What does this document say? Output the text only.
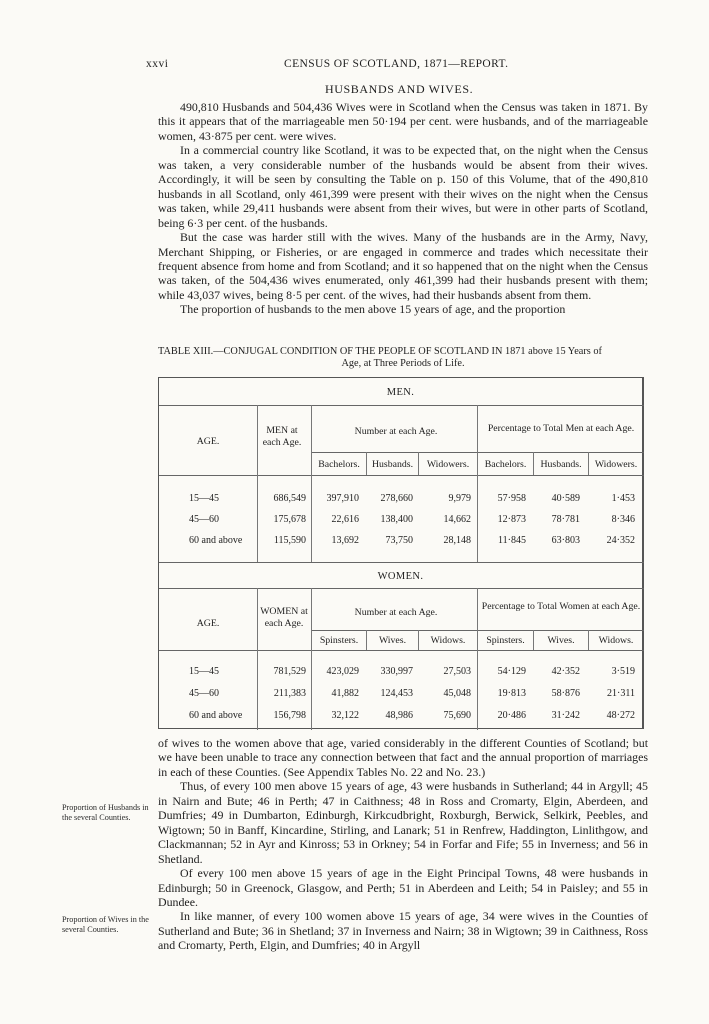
xxvi	CENSUS OF SCOTLAND, 1871—REPORT.
HUSBANDS AND WIVES.

490,810 Husbands and 504,436 Wives were in Scotland when the Census was taken in 1871. By this it appears that of the marriageable men 50·194 per cent. were husbands, and of the marriageable women, 43·875 per cent. were wives.

In a commercial country like Scotland, it was to be expected that, on the night when the Census was taken, a very considerable number of the husbands would be absent from their wives. Accordingly, it will be seen by consulting the Table on p. 150 of this Volume, that of the 490,810 husbands in all Scotland, only 461,399 were present with their wives on the night when the Census was taken, while 29,411 husbands were absent from their wives, but were in other parts of Scotland, being 6·3 per cent. of the husbands.

But the case was harder still with the wives. Many of the husbands are in the Army, Navy, Merchant Shipping, or Fisheries, or are engaged in commerce and trades which necessitate their frequent absence from home and from Scotland; and it so happened that on the night when the Census was taken, of the 504,436 wives enumerated, only 461,399 had their husbands present with them; while 43,037 wives, being 8·5 per cent. of the wives, had their husbands absent from them.

The proportion of husbands to the men above 15 years of age, and the proportion

TABLE XIII.—CONJUGAL CONDITION OF THE PEOPLE OF SCOTLAND IN 1871 above 15 Years of
Age, at Three Periods of Life.
MEN.
AGE.
MEN at each Age.
Number at each Age.	Percentage to Total Men at each Age.
Bachelors.	Husbands.	Widowers.	Bachelors.	Husbands.	Widowers.
15—45	686,549	397,910	278,660	9,979	57·958	40·589	1·453
45—60	175,678	22,616	138,400	14,662	12·873	78·781	8·346
60 and above	115,590	13,692	73,750	28,148	11·845	63·803	24·352
WOMEN.
AGE.
WOMEN at each Age.
Number at each Age.
Percentage to Total Women at each Age.
Spinsters.	Wives.	Widows.	Spinsters.	Wives.	Widows.
15—45	781,529	423,029	330,997	27,503	54·129	42·352	3·519
45—60	211,383	41,882	124,453	45,048	19·813	58·876	21·311
60 and above	156,798	32,122	48,986	75,690	20·486	31·242	48·272

of wives to the women above that age, varied considerably in the different Counties of Scotland; but we have been unable to trace any connection between that fact and the annual proportion of marriages in each of these Counties. (See Appendix Tables No. 22 and No. 23.)

Thus, of every 100 men above 15 years of age, 43 were husbands in Sutherland; 44 in Argyll; 45 in Nairn and Bute; 46 in Perth; 47 in Caithness; 48 in Ross and Cromarty, Elgin, Aberdeen, and Dumfries; 49 in Dumbarton, Edinburgh, Kirkcudbright, Roxburgh, Berwick, Selkirk, Peebles, and Wigtown; 50 in Banff, Kincardine, Stirling, and Lanark; 51 in Renfrew, Haddington, Linlithgow, and Clackmannan; 52 in Ayr and Kinross; 53 in Orkney; 54 in Forfar and Fife; 55 in Inverness; and 56 in Shetland.

Of every 100 men above 15 years of age in the Eight Principal Towns, 48 were husbands in Edinburgh; 50 in Greenock, Glasgow, and Perth; 51 in Aberdeen and Leith; 54 in Paisley; and 55 in Dundee.

In like manner, of every 100 women above 15 years of age, 34 were wives in the Counties of Sutherland and Bute; 36 in Shetland; 37 in Inverness and Nairn; 38 in Wigtown; 39 in Caithness, Ross and Cromarty, Perth, Elgin, and Dumfries; 40 in Argyll

Proportion of Husbands in the several Counties.
Proportion of Wives in the several Counties.
